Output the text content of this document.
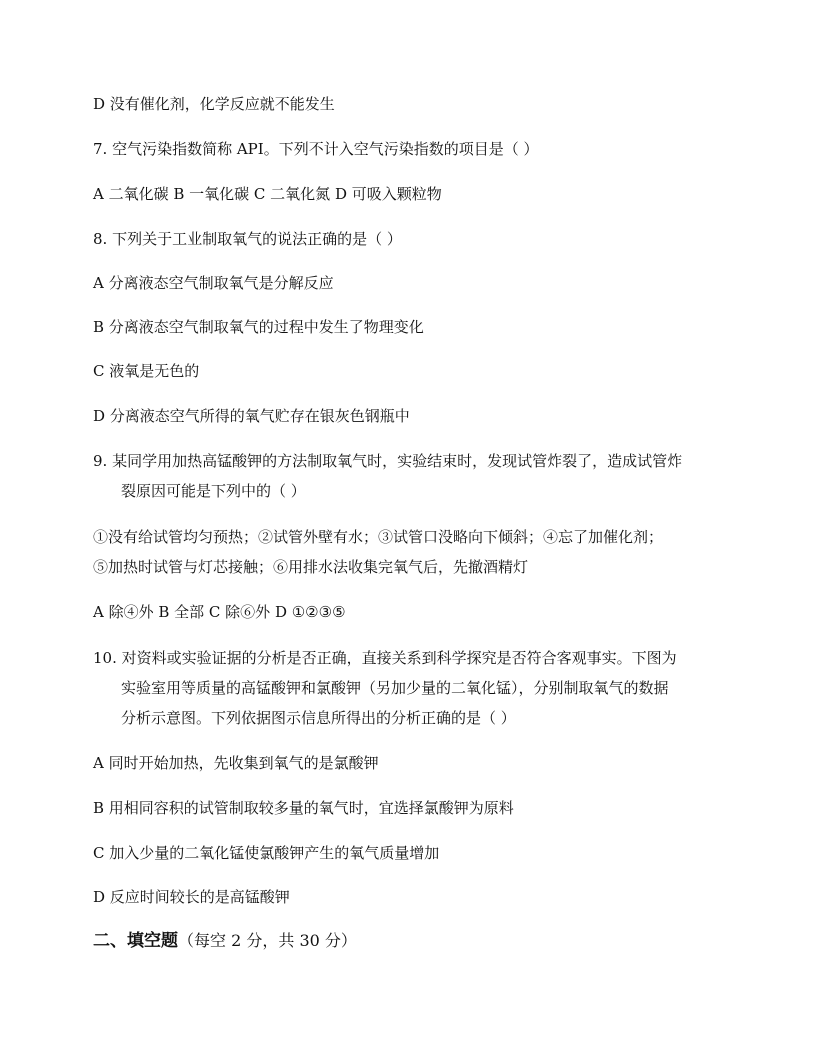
D 没有催化剂，化学反应就不能发生
7. 空气污染指数简称 API。下列不计入空气污染指数的项目是（ ）
A 二氧化碳 B 一氧化碳 C 二氧化氮 D 可吸入颗粒物
8. 下列关于工业制取氧气的说法正确的是（ ）
A 分离液态空气制取氧气是分解反应
B 分离液态空气制取氧气的过程中发生了物理变化
C 液氧是无色的
D 分离液态空气所得的氧气贮存在银灰色钢瓶中
9. 某同学用加热高锰酸钾的方法制取氧气时，实验结束时，发现试管炸裂了，造成试管炸
裂原因可能是下列中的（ ）
①没有给试管均匀预热；②试管外壁有水；③试管口没略向下倾斜；④忘了加催化剂；
⑤加热时试管与灯芯接触；⑥用排水法收集完氧气后，先撤酒精灯
A 除④外 B 全部 C 除⑥外 D ①②③⑤
10. 对资料或实验证据的分析是否正确，直接关系到科学探究是否符合客观事实。下图为
实验室用等质量的高锰酸钾和氯酸钾（另加少量的二氧化锰），分别制取氧气的数据
分析示意图。下列依据图示信息所得出的分析正确的是（ ）
A 同时开始加热，先收集到氧气的是氯酸钾
B 用相同容积的试管制取较多量的氧气时，宜选择氯酸钾为原料
C 加入少量的二氧化锰使氯酸钾产生的氧气质量增加
D 反应时间较长的是高锰酸钾
二、填空题（每空 2 分，共 30 分）
